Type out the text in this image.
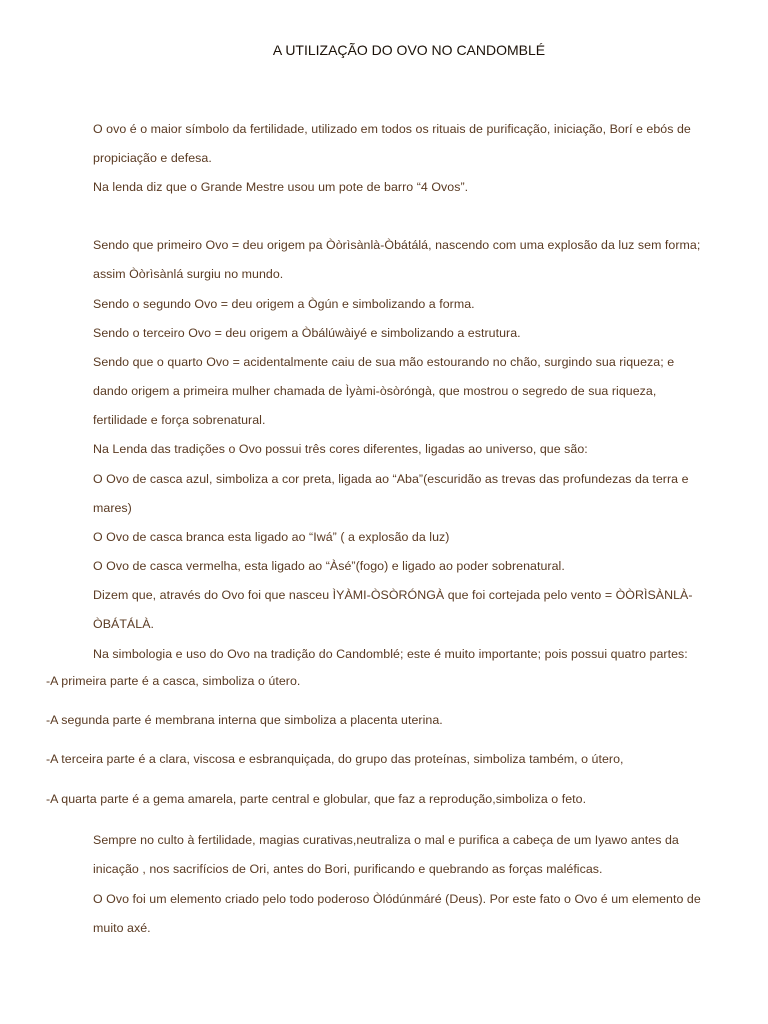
A UTILIZAÇÃO DO OVO NO CANDOMBLÉ
O ovo é o maior símbolo da fertilidade, utilizado em todos os rituais de purificação, iniciação, Borí e ebós de
propiciação e defesa.
Na lenda diz que o Grande Mestre usou um pote de barro “4 Ovos”.
Sendo que primeiro Ovo = deu origem pa Òòrìsànlà-Òbátálá, nascendo com uma explosão da luz sem forma;
assim Òòrìsànlá surgiu no mundo.
Sendo o segundo Ovo = deu origem a Ògún e simbolizando a forma.
Sendo o terceiro Ovo = deu origem a Òbálúwàiyé e simbolizando a estrutura.
Sendo que o quarto Ovo = acidentalmente caiu de sua mão estourando no chão, surgindo sua riqueza; e
dando origem a primeira mulher chamada de Ìyàmi-òsòróngà, que mostrou o segredo de sua riqueza,
fertilidade e força sobrenatural.
Na Lenda das tradições o Ovo possui três cores diferentes, ligadas ao universo, que são:
O Ovo de casca azul, simboliza a cor preta, ligada ao “Aba”(escuridão as trevas das profundezas da terra e
mares)
O Ovo de casca branca esta ligado ao “Iwá” ( a explosão da luz)
O Ovo de casca vermelha, esta ligado ao “Àsé”(fogo) e ligado ao poder sobrenatural.
Dizem que, através do Ovo foi que nasceu ÌYÀMI-ÒSÒRÓNGÀ que foi cortejada pelo vento = ÒÒRÌSÀNLÀ-
ÒBÁTÁLÀ.
Na simbologia e uso do Ovo na tradição do Candomblé; este é muito importante; pois possui quatro partes:
-A primeira parte é a casca, simboliza o útero.
-A segunda parte é membrana interna que simboliza a placenta uterina.
-A terceira parte é a clara, viscosa e esbranquiçada, do grupo das proteínas, simboliza também, o útero,
-A quarta parte é a gema amarela, parte central e globular, que faz a reprodução,simboliza o feto.
Sempre no culto à fertilidade, magias curativas,neutraliza o mal e purifica a cabeça de um Iyawo antes da
inicação , nos sacrifícios de Ori, antes do Bori, purificando e quebrando as forças maléficas.
O Ovo foi um elemento criado pelo todo poderoso Òlódúnmáré (Deus). Por este fato o Ovo é um elemento de
muito axé.
